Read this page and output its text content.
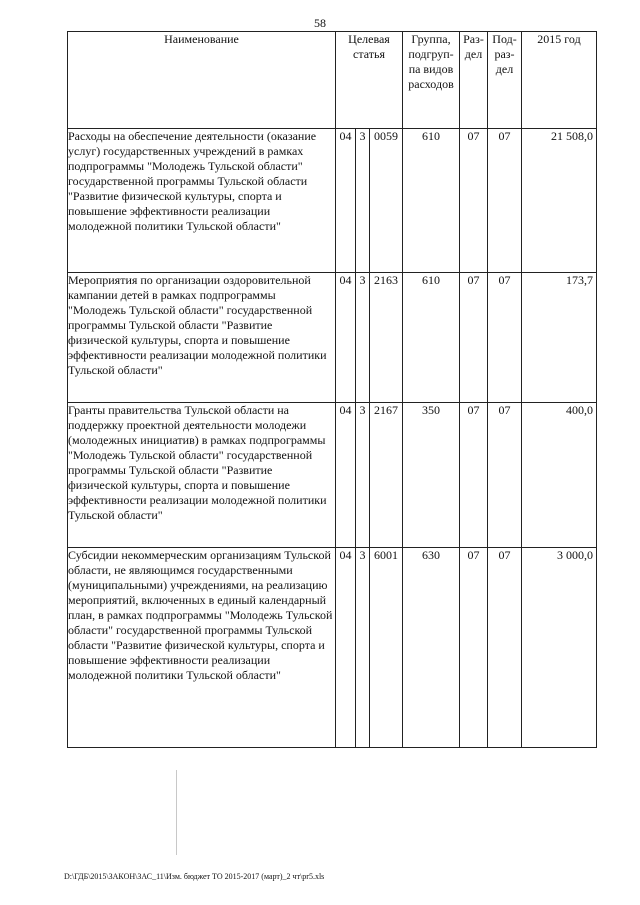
58
Наименование	Целевая статья			Группа, подгруп-па видов расходов	Раз-дел	Под-раз-дел	2015 год
Расходы на обеспечение деятельности (оказание услуг) государственных учреждений в рамках подпрограммы "Молодежь Тульской области" государственной программы Тульской области "Развитие физической культуры, спорта и повышение эффективности реализации молодежной политики Тульской области"	04	3	0059	610	07	07	21 508,0
Мероприятия по организации оздоровительной кампании детей в рамках подпрограммы "Молодежь Тульской области" государственной программы Тульской области "Развитие физической культуры, спорта и повышение эффективности реализации молодежной политики Тульской области"	04	3	2163	610	07	07	173,7
Гранты правительства Тульской области на поддержку проектной деятельности молодежи (молодежных инициатив) в рамках подпрограммы "Молодежь Тульской области" государственной программы Тульской области "Развитие физической культуры, спорта и повышение эффективности реализации молодежной политики Тульской области"	04	3	2167	350	07	07	400,0
Субсидии некоммерческим организациям Тульской области, не являющимся государственными (муниципальными) учреждениями, на реализацию мероприятий, включенных в единый календарный план, в рамках подпрограммы "Молодежь Тульской области" государственной программы Тульской области "Развитие физической культуры, спорта и повышение эффективности реализации молодежной политики Тульской области"	04	3	6001	630	07	07	3 000,0
D:\ГДБ\2015\ЗАКОН\ЗАС_11\Изм. бюджет ТО 2015-2017 (март)_2 чт\pr5.xls
